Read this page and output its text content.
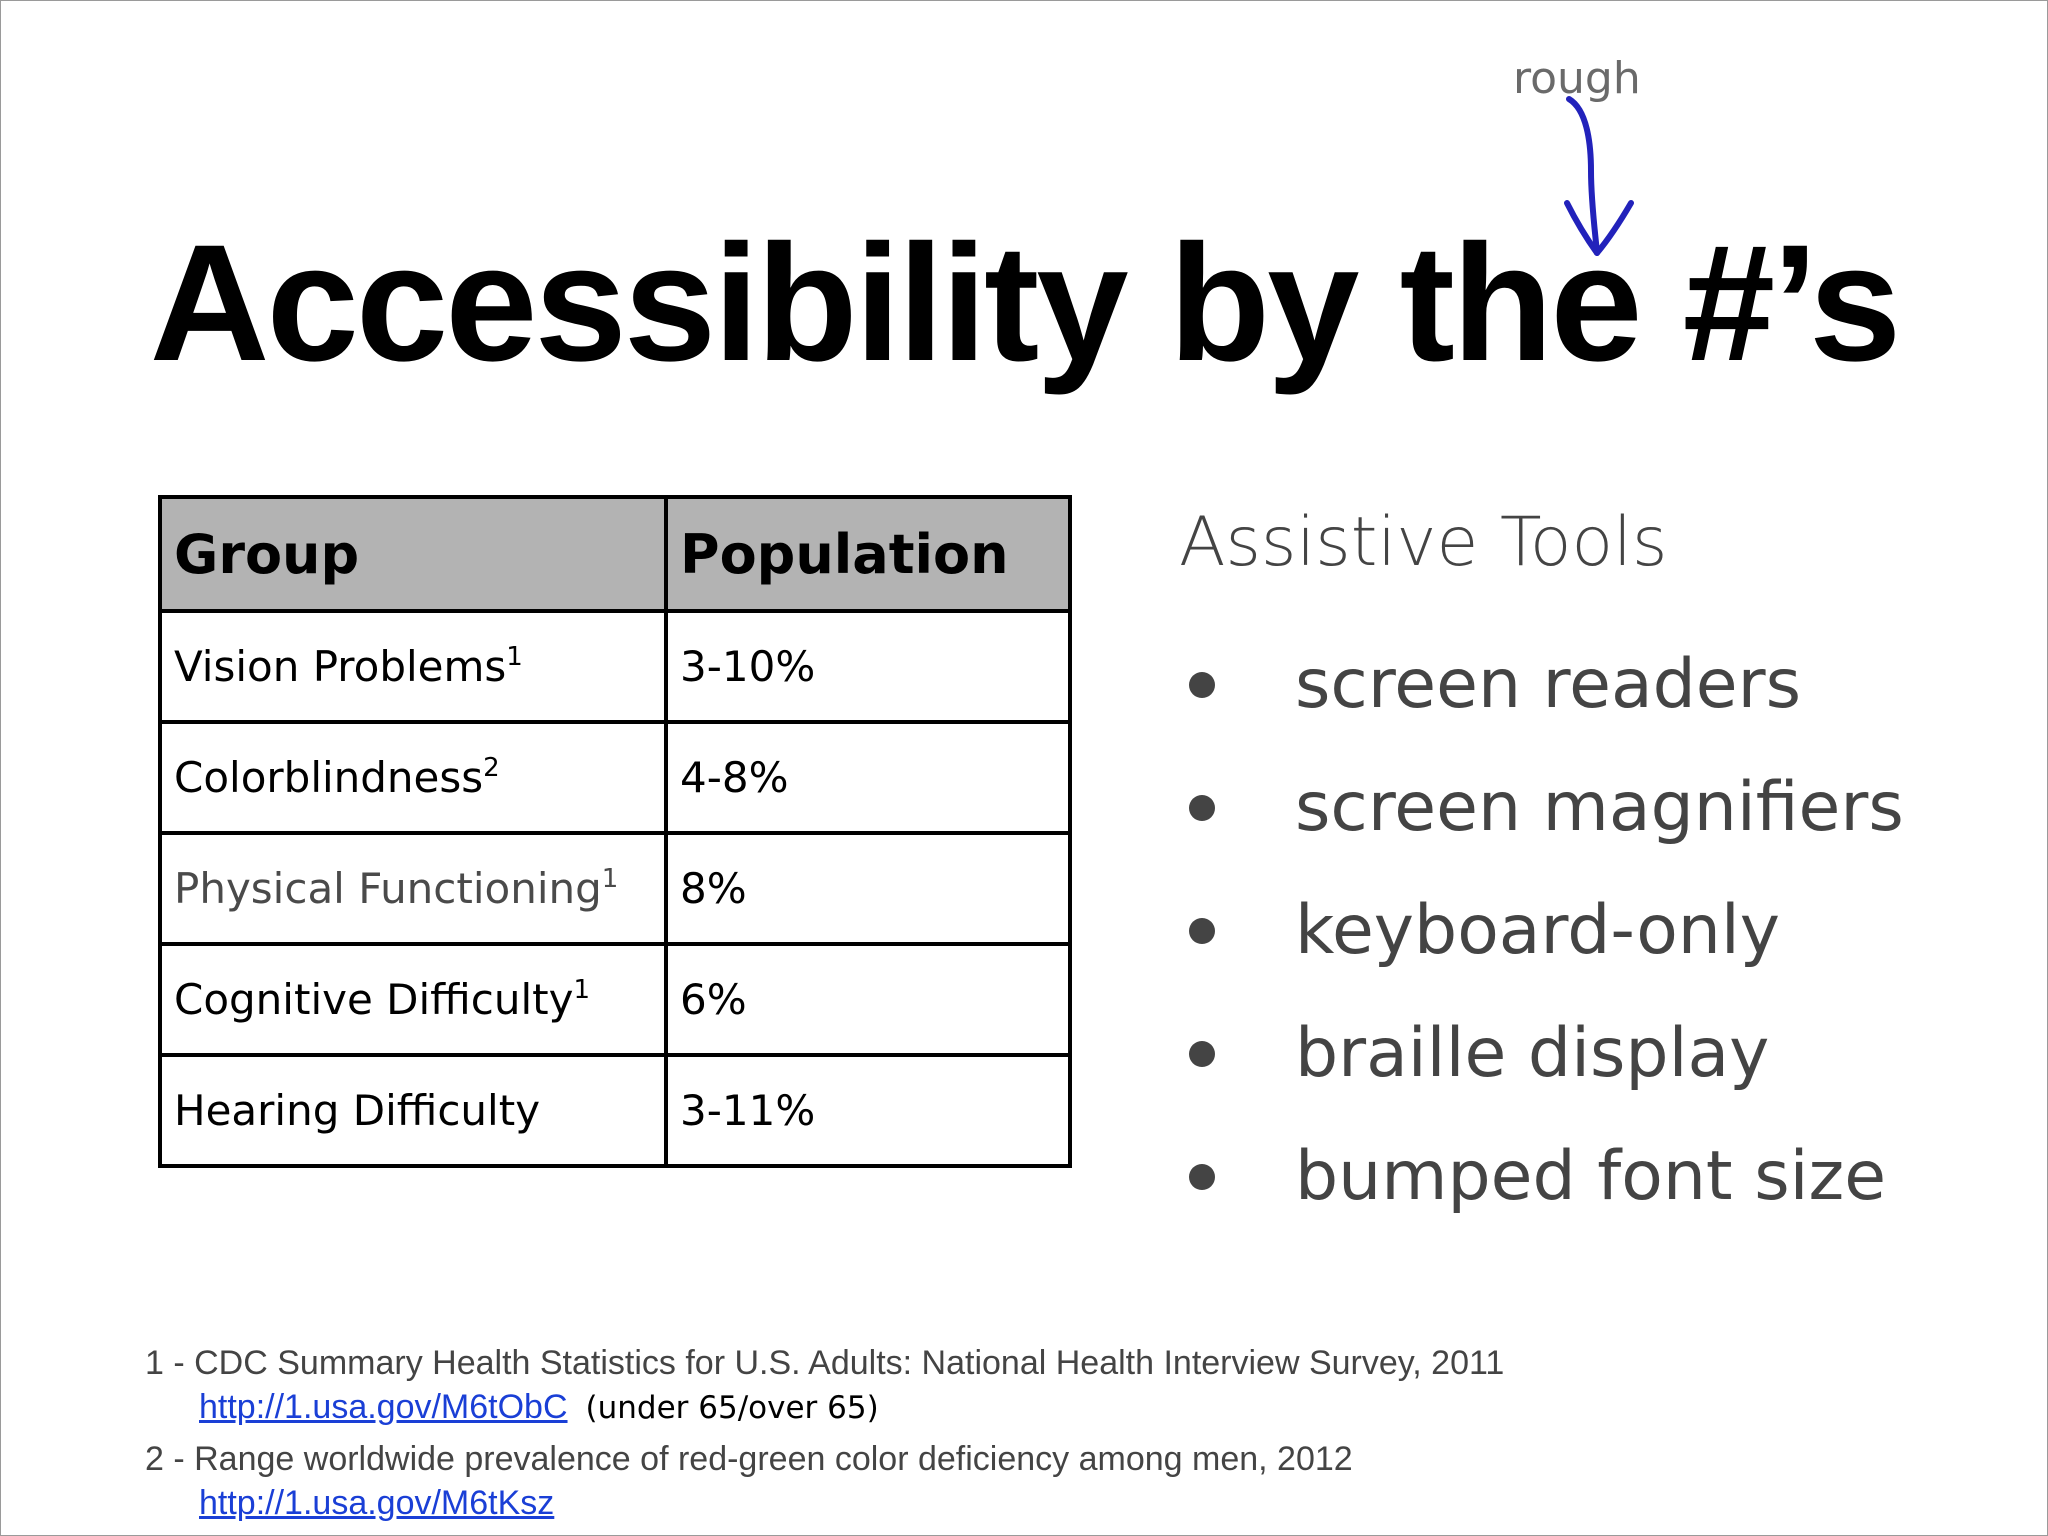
rough
Accessibility by the #’s
Group	Population
Vision Problems$^1$	3-10%
Colorblindness$^2$	4-8%
Physical Functioning$^1$	8%
Cognitive Difficulty$^1$	6%
Hearing Difficulty	3-11%
Assistive Tools
screen readers
screen magnifiers
keyboard-only
braille display
bumped font size
1 - CDC Summary Health Statistics for U.S. Adults: National Health Interview Survey, 2011
http://1.usa.gov/M6tObC (under 65/over 65)
2 - Range worldwide prevalence of red-green color deficiency among men, 2012
http://1.usa.gov/M6tKsz
